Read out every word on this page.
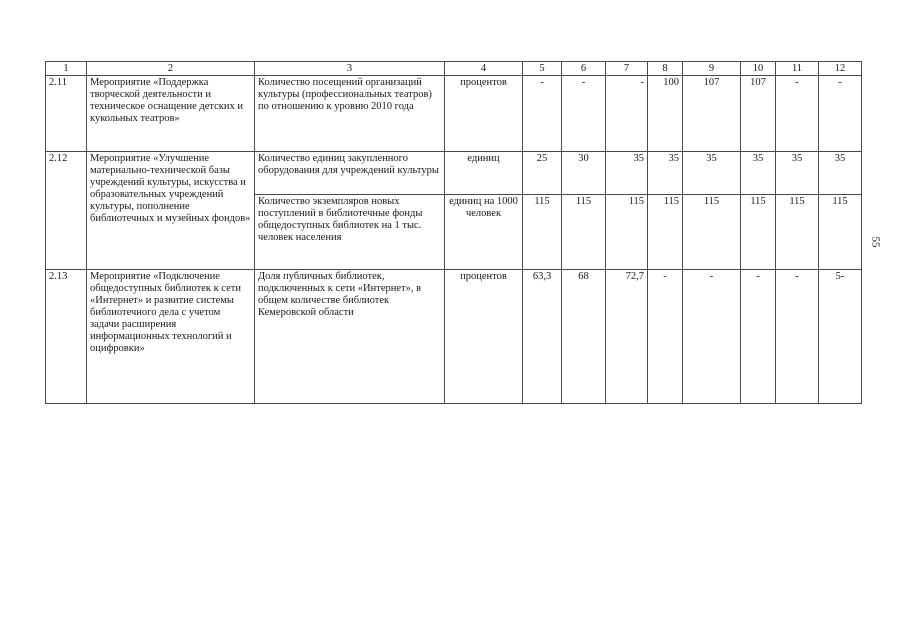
1	2	3	4	5	6	7	8	9	10	11	12
2.11	Мероприятие «Поддержка творческой деятельности и техническое оснащение детских и кукольных театров»	Количество посещений организаций культуры (профессиональных театров) по отношению к уровню 2010 года	процентов	-	-	-	100	107	107	-	-
2.12	Мероприятие «Улучшение материально-технической базы учреждений культуры, искусства и образовательных учреждений культуры, пополнение библиотечных и музейных фондов»	Количество единиц закупленного оборудования для учреждений культуры	единиц	25	30	35	35	35	35	35	35
		Количество экземпляров новых поступлений в библиотечные фонды общедоступных библиотек на 1 тыс. человек населения	единиц на 1000 человек	115	115	115	115	115	115	115	115
2.13	Мероприятие «Подключение общедоступных библиотек к сети «Интернет» и развитие системы библиотечного дела с учетом задачи расширения информационных технологий и оцифровки»	Доля публичных библиотек, подключенных к сети «Интернет», в общем количестве библиотек Кемеровской области	процентов	63,3	68	72,7	-	-	-	-	5-
55
